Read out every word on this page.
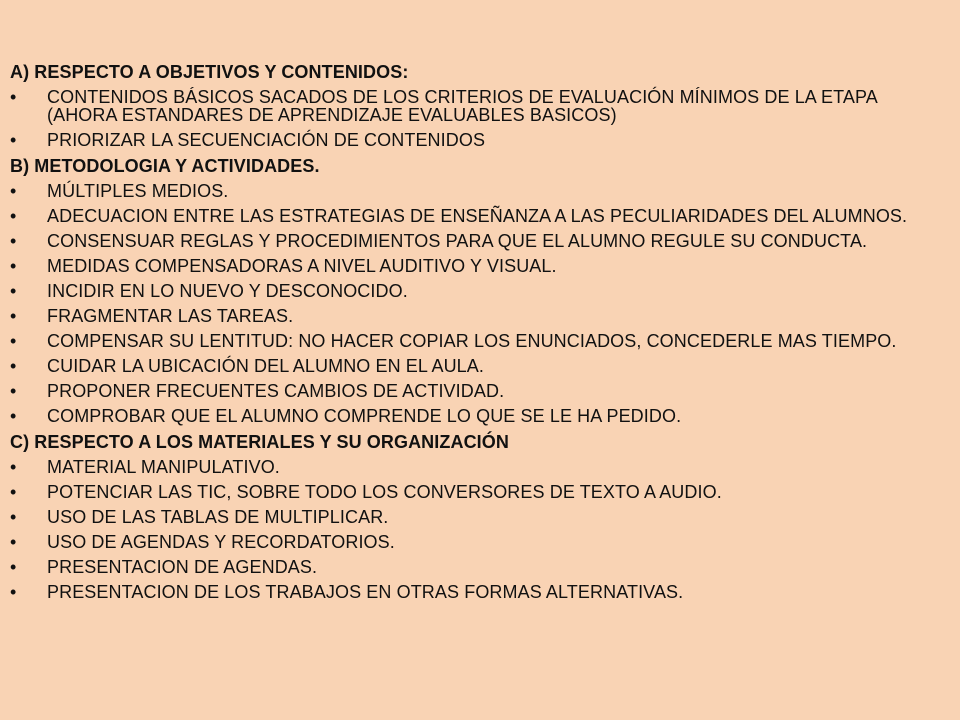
A) RESPECTO A OBJETIVOS Y CONTENIDOS:
•	CONTENIDOS BÁSICOS SACADOS DE LOS CRITERIOS DE EVALUACIÓN MÍNIMOS DE LA ETAPA (AHORA ESTANDARES DE APRENDIZAJE EVALUABLES BASICOS)
•	PRIORIZAR LA SECUENCIACIÓN DE CONTENIDOS
B) METODOLOGIA Y ACTIVIDADES.
•	MÚLTIPLES MEDIOS.
•	ADECUACION ENTRE LAS ESTRATEGIAS DE ENSEÑANZA A LAS PECULIARIDADES DEL ALUMNOS.
•	CONSENSUAR REGLAS Y PROCEDIMIENTOS PARA QUE EL ALUMNO REGULE SU CONDUCTA.
•	MEDIDAS COMPENSADORAS A NIVEL AUDITIVO Y VISUAL.
•	INCIDIR EN LO NUEVO Y DESCONOCIDO.
•	FRAGMENTAR LAS TAREAS.
•	COMPENSAR SU LENTITUD: NO HACER COPIAR LOS ENUNCIADOS, CONCEDERLE MAS TIEMPO.
•	CUIDAR LA UBICACIÓN DEL ALUMNO EN EL AULA.
•	PROPONER FRECUENTES CAMBIOS DE ACTIVIDAD.
•	COMPROBAR QUE EL ALUMNO COMPRENDE LO QUE SE LE HA PEDIDO.
C) RESPECTO A LOS MATERIALES Y SU ORGANIZACIÓN
•	MATERIAL MANIPULATIVO.
•	POTENCIAR LAS TIC, SOBRE TODO LOS CONVERSORES DE TEXTO A AUDIO.
•	USO DE LAS TABLAS DE MULTIPLICAR.
•	USO DE AGENDAS Y RECORDATORIOS.
•	PRESENTACION DE AGENDAS.
•	PRESENTACION DE LOS TRABAJOS EN OTRAS FORMAS ALTERNATIVAS.
